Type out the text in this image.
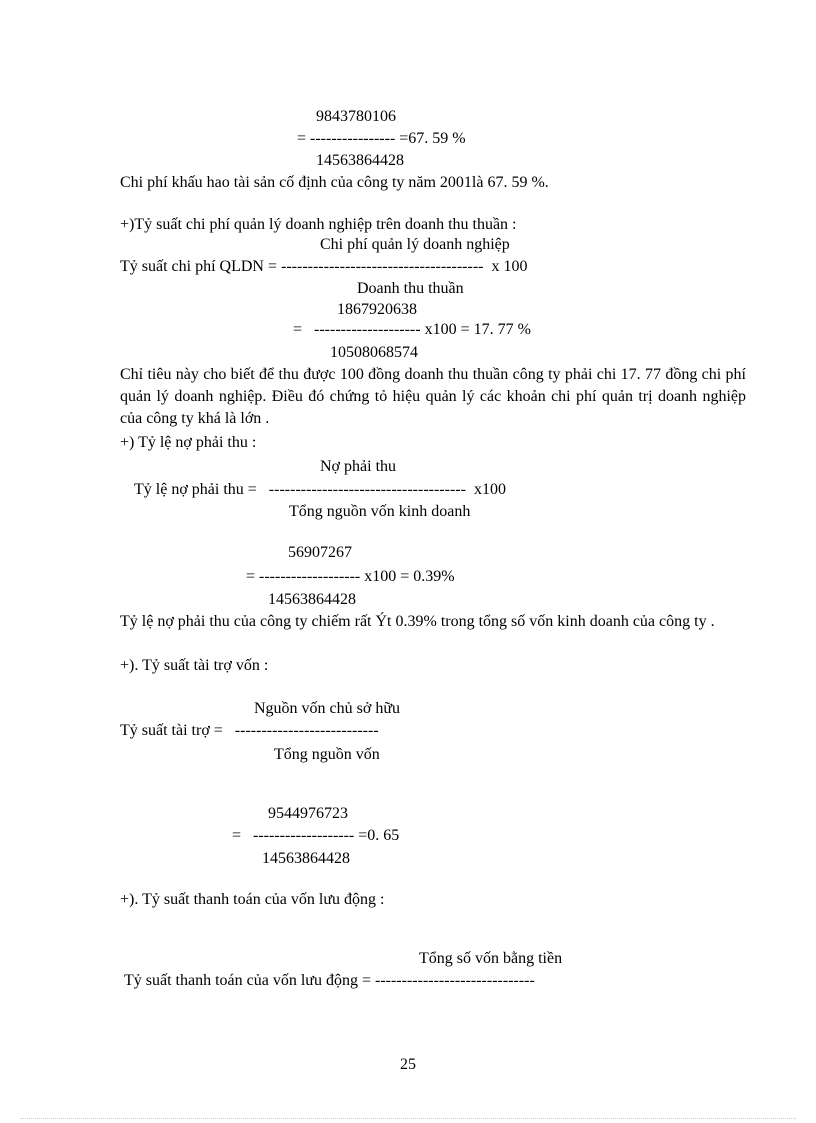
9843780106
= ---------------- =67. 59 %
14563864428
Chi phí khấu hao tài sản cố định của công ty năm 2001là 67. 59 %.
+)Tỷ suất chi phí quản lý doanh nghiệp trên doanh thu thuần :
Chi phí quản lý doanh nghiệp
Tỷ suất chi phí QLDN = --------------------------------------  x 100
Doanh thu thuần
1867920638
=   -------------------- x100 = 17. 77 %
10508068574
Chỉ tiêu này cho biết để thu được 100 đồng doanh thu thuần công ty phải chi 17. 77 đồng chi phí quản lý doanh nghiệp. Điều đó chứng tỏ hiệu quản lý các khoản chi phí quản trị doanh nghiệp của công ty khá là lớn .
+) Tỷ lệ nợ phải thu :
Nợ phải thu
Tỷ lệ nợ phải thu =   -------------------------------------  x100
Tổng nguồn vốn kinh doanh
56907267
= ------------------- x100 = 0.39%
14563864428
Tỷ lệ nợ phải thu của công ty chiếm rất Ýt 0.39% trong tổng số vốn kinh doanh của công ty .
+). Tỷ suất tài trợ vốn :
Nguồn vốn chủ sở hữu
Tỷ suất tài trợ =   ---------------------------
Tổng nguồn vốn
9544976723
=   ------------------- =0. 65
14563864428
+). Tỷ suất thanh toán của vốn lưu động :
Tổng số vốn bằng tiền
Tỷ suất thanh toán của vốn lưu động = ------------------------------
25
